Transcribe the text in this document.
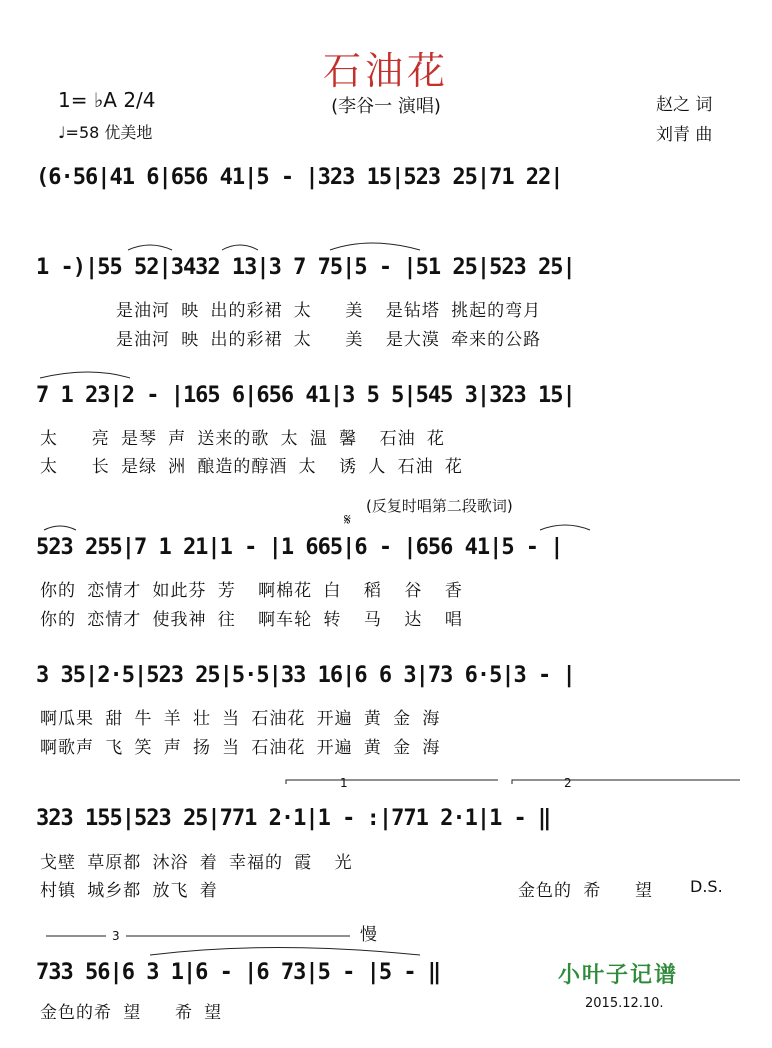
石油花
(李谷一 演唱)
1= ♭A 2/4
♩=58 优美地
赵之 词
刘青 曲
(6·56|41 6|656 41|5 - |323 15|523 25|71 22|
1 -)|55 52|3432 13|3 7 75|5 - |51 25|523 25|
是油河 映 出的彩裙 太   美  是钻塔 挑起的弯月
是油河 映 出的彩裙 太   美  是大漠 牵来的公路
7 1 23|2 - |165 6|656 41|3 5 5|545 3|323 15|
太   亮 是琴 声 送来的歌 太 温 馨  石油 花
太   长 是绿 洲 酿造的醇酒 太  诱 人 石油 花
(反复时唱第二段歌词)
𝄋
523 255|7 1 21|1 - |1 665|6 - |656 41|5 - |
你的 恋情才 如此芬 芳  啊棉花 白  稻  谷  香
你的 恋情才 使我神 往  啊车轮 转  马  达  唱
3 35|2·5|523 25|5·5|33 16|6 6 3|73 6·5|3 - |
啊瓜果 甜 牛 羊 壮 当 石油花 开遍 黄 金 海
啊歌声 飞 笑 声 扬 当 石油花 开遍 黄 金 海
1	2
323 155|523 25|771 2·1|1 - :|771 2·1|1 - ‖
戈壁 草原都 沐浴 着 幸福的 霞  光
村镇 城乡都 放飞 着	金色的 希   望	D.S.
3	慢
733 56|6 3 1|6 - |6 73|5 - |5 - ‖
金色的希 望   希 望
小叶子记谱
2015.12.10.
